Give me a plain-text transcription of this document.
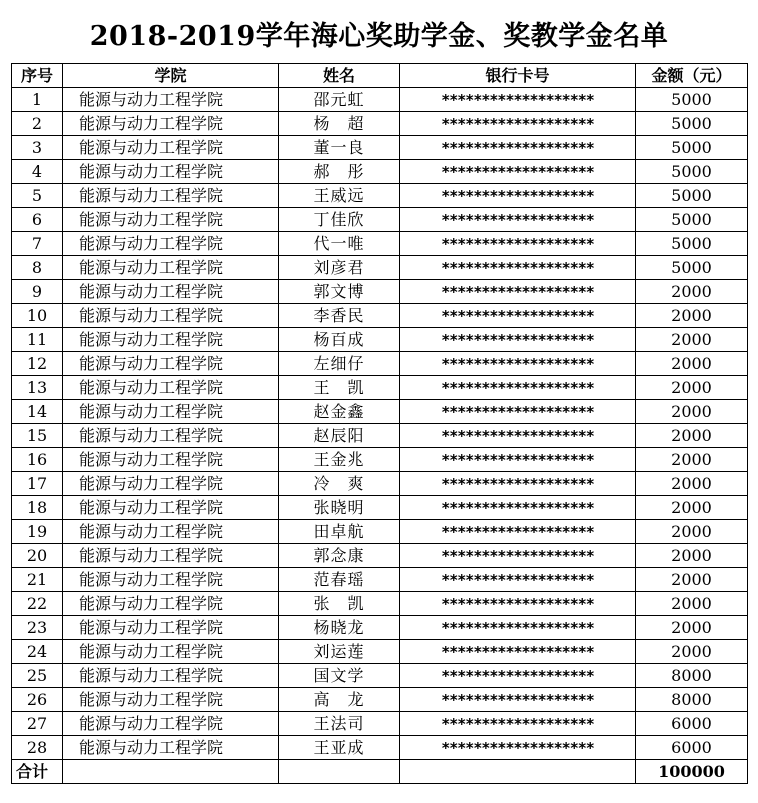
2018-2019学年海心奖助学金、奖教学金名单
序号	学院	姓名	银行卡号	金额（元）
1	能源与动力工程学院	邵元虹	*******************	5000
2	能源与动力工程学院	杨　超	*******************	5000
3	能源与动力工程学院	董一良	*******************	5000
4	能源与动力工程学院	郝　彤	*******************	5000
5	能源与动力工程学院	王威远	*******************	5000
6	能源与动力工程学院	丁佳欣	*******************	5000
7	能源与动力工程学院	代一唯	*******************	5000
8	能源与动力工程学院	刘彦君	*******************	5000
9	能源与动力工程学院	郭文博	*******************	2000
10	能源与动力工程学院	李香民	*******************	2000
11	能源与动力工程学院	杨百成	*******************	2000
12	能源与动力工程学院	左细仔	*******************	2000
13	能源与动力工程学院	王　凯	*******************	2000
14	能源与动力工程学院	赵金鑫	*******************	2000
15	能源与动力工程学院	赵辰阳	*******************	2000
16	能源与动力工程学院	王金兆	*******************	2000
17	能源与动力工程学院	冷　爽	*******************	2000
18	能源与动力工程学院	张晓明	*******************	2000
19	能源与动力工程学院	田卓航	*******************	2000
20	能源与动力工程学院	郭念康	*******************	2000
21	能源与动力工程学院	范春瑶	*******************	2000
22	能源与动力工程学院	张　凯	*******************	2000
23	能源与动力工程学院	杨晓龙	*******************	2000
24	能源与动力工程学院	刘运莲	*******************	2000
25	能源与动力工程学院	国文学	*******************	8000
26	能源与动力工程学院	高　龙	*******************	8000
27	能源与动力工程学院	王法司	*******************	6000
28	能源与动力工程学院	王亚成	*******************	6000
合计				100000
